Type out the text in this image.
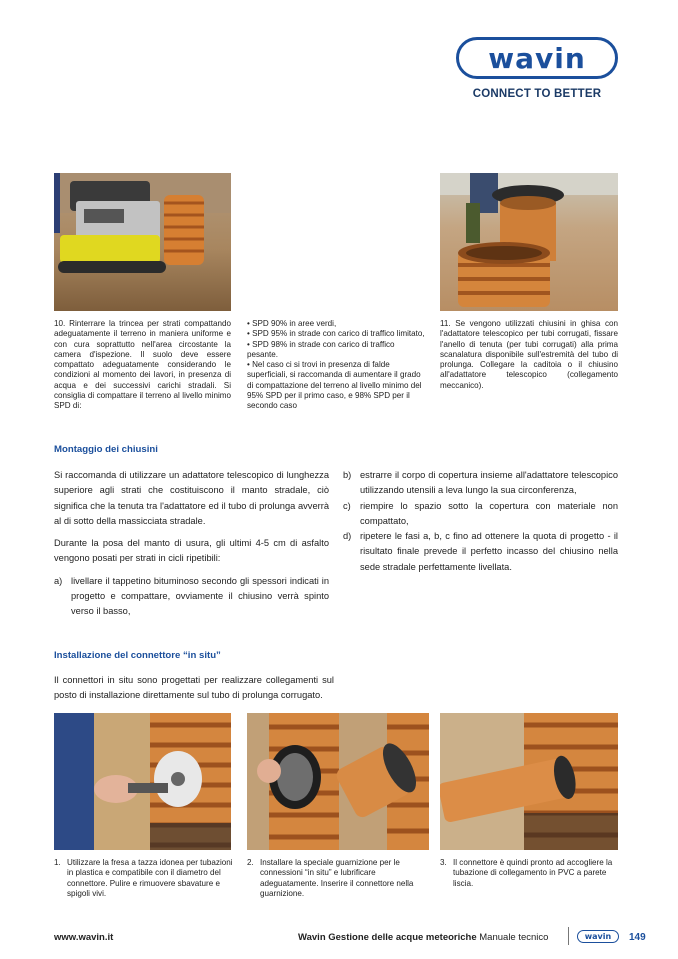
wavin
CONNECT TO BETTER
10. Rinterrare la trincea per strati compattando adeguatamente il terreno in maniera uniforme e con cura soprattutto nell'area circostante la camera d'ispezione. Il suolo deve essere compattato adeguatamente considerando le condizioni al momento dei lavori, in presenza di acqua e dei successivi carichi stradali. Si consiglia di compattare il terreno al livello minimo SPD di:

• SPD 90% in aree verdi,

• SPD 95% in strade con carico di traffico limitato,

• SPD 98% in strade con carico di traffico pesante.

• Nel caso ci si trovi in presenza di falde superficiali, si raccomanda di aumentare il grado di compattazione del terreno al livello minimo del 95% SPD per il primo caso, e 98% SPD per il secondo caso

11. Se vengono utilizzati chiusini in ghisa con l'adattatore telescopico per tubi corrugati, fissare l'anello di tenuta (per tubi corrugati) alla prima scanalatura disponibile sull'estremità del tubo di prolunga. Collegare la caditoia o il chiusino all'adattatore telescopico (collegamento meccanico).
Montaggio dei chiusini

Si raccomanda di utilizzare un adattatore telescopico di lunghezza superiore agli strati che costituiscono il manto stradale, ciò significa che la tenuta tra l'adattatore ed il tubo di prolunga avverrà al di sotto della massicciata stradale.

Durante la posa del manto di usura, gli ultimi 4-5 cm di asfalto vengono posati per strati in cicli ripetibili:

a) livellare il tappetino bituminoso secondo gli spessori indicati in progetto e compattare, ovviamente il chiusino verrà spinto verso il basso,
b) estrarre il corpo di copertura insieme all'adattatore telescopico utilizzando utensili a leva lungo la sua circonferenza,
c) riempire lo spazio sotto la copertura con materiale non compattato,
d) ripetere le fasi a, b, c fino ad ottenere la quota di progetto - il risultato finale prevede il perfetto incasso del chiusino nella sede stradale perfettamente livellata.
Installazione del connettore “in situ”
Il connettori in situ sono progettati per realizzare collegamenti sul posto di installazione direttamente sul tubo di prolunga corrugato.
1. Utilizzare la fresa a tazza idonea per tubazioni in plastica e compatibile con il diametro del connettore. Pulire e rimuovere sbavature e spigoli vivi.
2. Installare la speciale guarnizione per le connessioni “in situ” e lubrificare adeguatamente. Inserire il connettore nella guarnizione.
3. Il connettore è quindi pronto ad accogliere la tubazione di collegamento in PVC a parete liscia.
www.wavin.it	Wavin Gestione delle acque meteoriche Manuale tecnico	wavin	149
